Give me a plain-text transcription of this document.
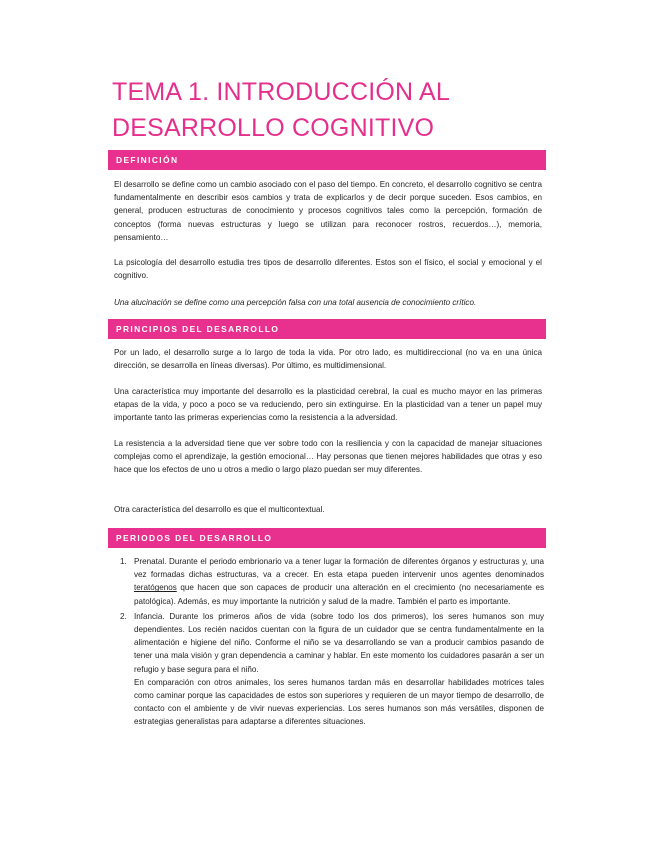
TEMA 1. INTRODUCCIÓN AL DESARROLLO COGNITIVO
DEFINICIÓN

El desarrollo se define como un cambio asociado con el paso del tiempo. En concreto, el desarrollo cognitivo se centra fundamentalmente en describir esos cambios y trata de explicarlos y de decir porque suceden. Esos cambios, en general, producen estructuras de conocimiento y procesos cognitivos tales como la percepción, formación de conceptos (forma nuevas estructuras y luego se utilizan para reconocer rostros, recuerdos…), memoria, pensamiento…

La psicología del desarrollo estudia tres tipos de desarrollo diferentes. Estos son el físico, el social y emocional y el cognitivo.

Una alucinación se define como una percepción falsa con una total ausencia de conocimiento crítico.

PRINCIPIOS DEL DESARROLLO

Por un lado, el desarrollo surge a lo largo de toda la vida. Por otro lado, es multidireccional (no va en una única dirección, se desarrolla en líneas diversas). Por último, es multidimensional.

Una característica muy importante del desarrollo es la plasticidad cerebral, la cual es mucho mayor en las primeras etapas de la vida, y poco a poco se va reduciendo, pero sin extinguirse. En la plasticidad van a tener un papel muy importante tanto las primeras experiencias como la resistencia a la adversidad.

La resistencia a la adversidad tiene que ver sobre todo con la resiliencia y con la capacidad de manejar situaciones complejas como el aprendizaje, la gestión emocional… Hay personas que tienen mejores habilidades que otras y eso hace que los efectos de uno u otros a medio o largo plazo puedan ser muy diferentes.

Otra característica del desarrollo es que el multicontextual.

PERIODOS DEL DESARROLLO
1. Prenatal. Durante el periodo embrionario va a tener lugar la formación de diferentes órganos y estructuras y, una vez formadas dichas estructuras, va a crecer. En esta etapa pueden intervenir unos agentes denominados teratógenos que hacen que son capaces de producir una alteración en el crecimiento (no necesariamente es patológica). Además, es muy importante la nutrición y salud de la madre. También el parto es importante.
2. Infancia. Durante los primeros años de vida (sobre todo los dos primeros), los seres humanos son muy dependientes. Los recién nacidos cuentan con la figura de un cuidador que se centra fundamentalmente en la alimentación e higiene del niño. Conforme el niño se va desarrollando se van a producir cambios pasando de tener una mala visión y gran dependencia a caminar y hablar. En este momento los cuidadores pasarán a ser un refugio y base segura para el niño.
En comparación con otros animales, los seres humanos tardan más en desarrollar habilidades motrices tales como caminar porque las capacidades de estos son superiores y requieren de un mayor tiempo de desarrollo, de contacto con el ambiente y de vivir nuevas experiencias. Los seres humanos son más versátiles, disponen de estrategias generalistas para adaptarse a diferentes situaciones.
